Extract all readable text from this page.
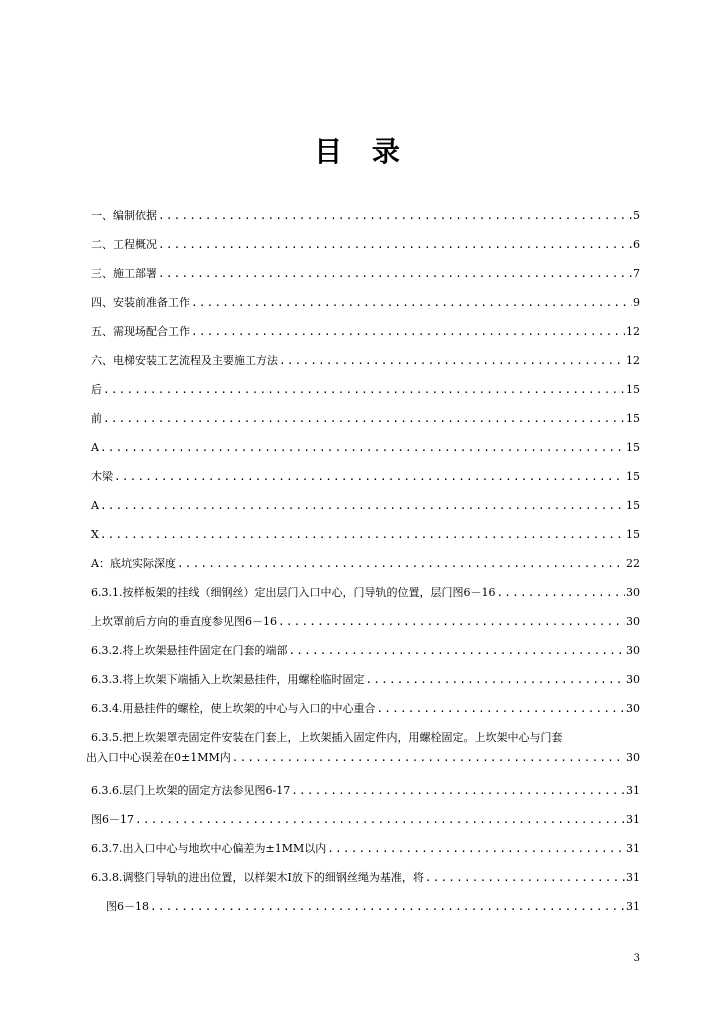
目 录
一、编制依据 .....	5
二、工程概况 .....	6
三、施工部署 .....	7
四、安装前准备工作 .....	9
五、需现场配合工作 .....	12
六、电梯安装工艺流程及主要施工方法 .....	12
后 .....	15
前 .....	15
A .....	15
木梁 .....	15
A .....	15
X .....	15
A：底坑实际深度 .....	22
6.3.1.按样板架的挂线（细钢丝）定出层门入口中心，门导轨的位置，层门图6－16 .....	30
上坎罩前后方向的垂直度参见图6－16 .....	30
6.3.2.将上坎架悬挂件固定在门套的端部 .....	30
6.3.3.将上坎架下端插入上坎架悬挂件，用螺栓临时固定 .....	30
6.3.4.用悬挂件的螺栓，使上坎架的中心与入口的中心重合 .....	30
6.3.5.把上坎架罩壳固定件安装在门套上，上坎架插入固定件内，用螺栓固定。上坎架中心与门套
出入口中心误差在0±1MM内 .....	30
6.3.6.层门上坎架的固定方法参见图6-17 .....	31
图6－17 .....	31
6.3.7.出入口中心与地坎中心偏差为±1MM以内 .....	31
6.3.8.调整门导轨的进出位置，以样架木Ⅰ放下的细钢丝绳为基准，将 .....	31
图6－18 .....	31
3
